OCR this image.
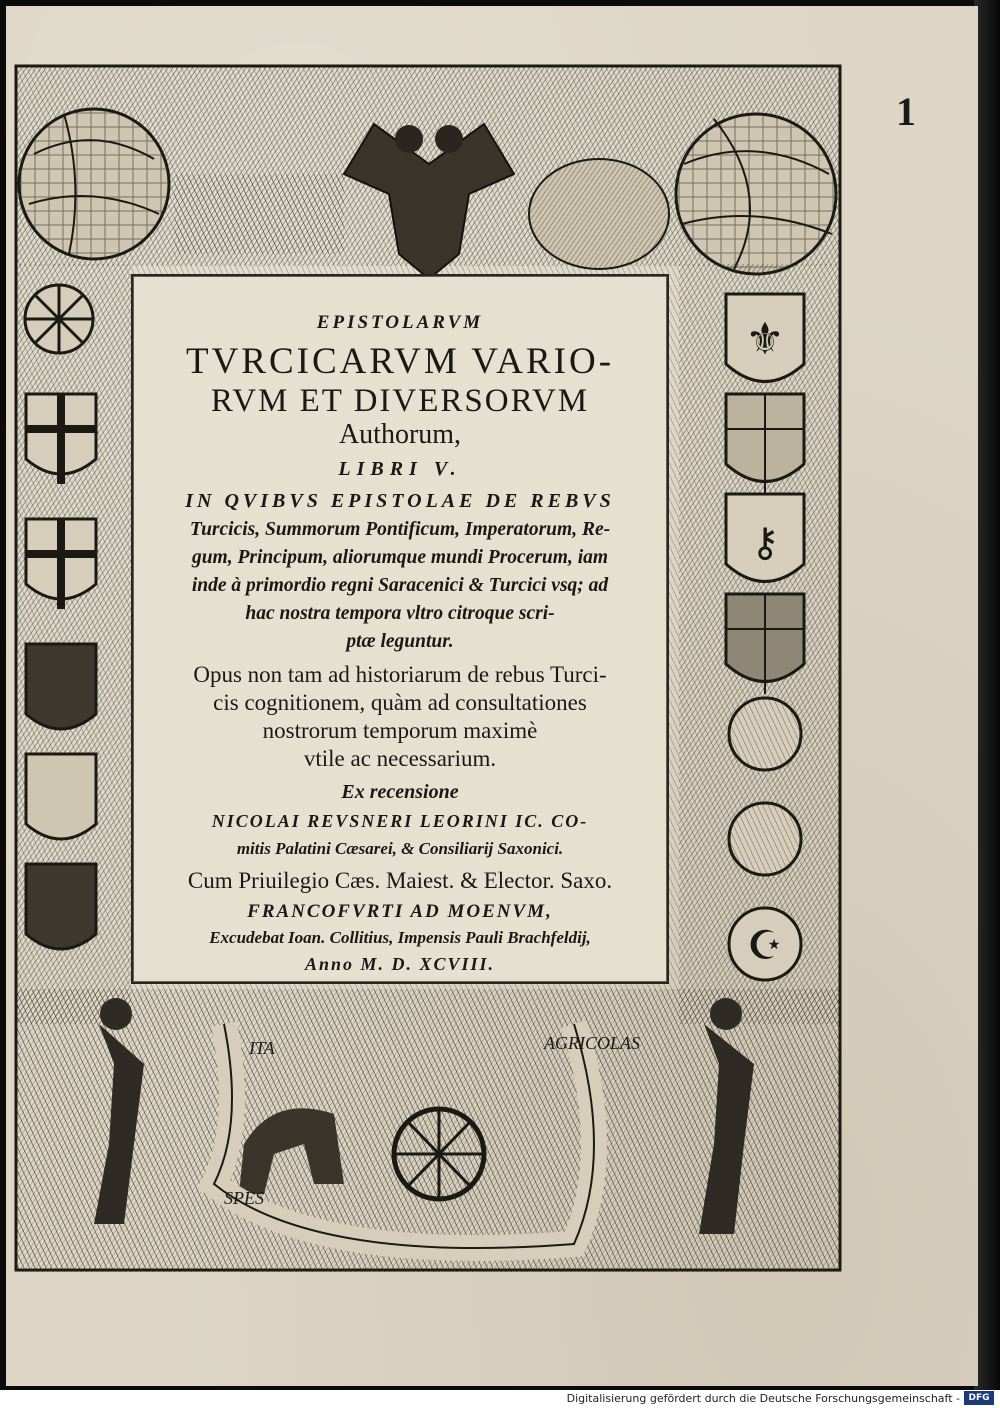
1
⚜
⚷
☪
ITA	AGRICOLAS
SPES
EPISTOLARVM
TVRCICARVM VARIO-
RVM ET DIVERSORVM
Authorum,
LIBRI V.
IN QVIBVS EPISTOLAE DE REBVS
Turcicis, Summorum Pontificum, Imperatorum, Re-
gum, Principum, aliorumque mundi Procerum, iam
inde à primordio regni Saracenici & Turcici vsq; ad
hac nostra tempora vltro citroque scri-
ptæ leguntur.
Opus non tam ad historiarum de rebus Turci-
cis cognitionem, quàm ad consultationes
nostrorum temporum maximè
vtile ac necessarium.
Ex recensione
NICOLAI REVSNERI LEORINI IC. CO-
mitis Palatini Cæsarei, & Consiliarij Saxonici.
Cum Priuilegio Cæs. Maiest. & Elector. Saxo.
FRANCOFVRTI AD MOENVM,
Excudebat Ioan. Collitius, Impensis Pauli Brachfeldij,
Anno M. D. XCVIII.
Digitalisierung gefördert durch die Deutsche Forschungsgemeinschaft - DFG
